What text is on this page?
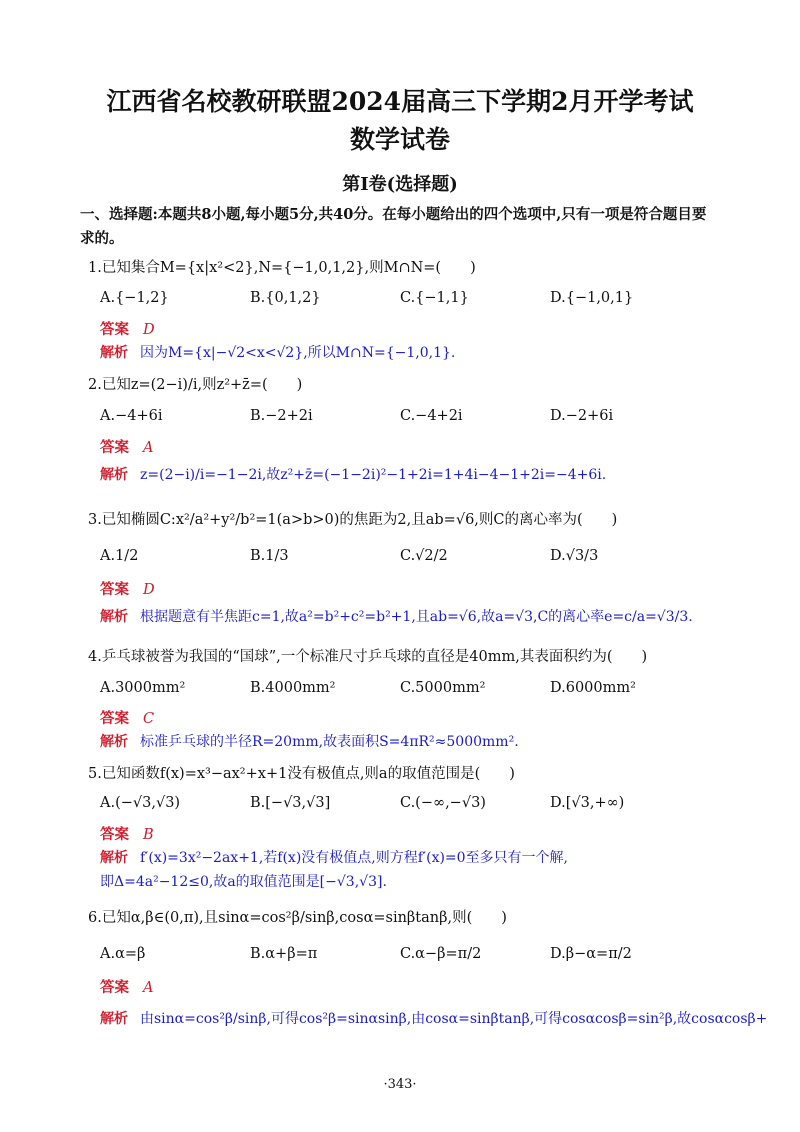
江西省名校教研联盟2024届高三下学期2月开学考试
数学试卷
第Ⅰ卷(选择题)
一、选择题:本题共8小题,每小题5分,共40分。在每小题给出的四个选项中,只有一项是符合题目要求的。
1.已知集合M={x|x²<2},N={−1,0,1,2},则M∩N=(　　)
A.{−1,2}	B.{0,1,2}	C.{−1,1}	D.{−1,0,1}
答案 D
解析 因为M={x|−√2<x<√2},所以M∩N={−1,0,1}.
2.已知z=(2−i)/i,则z²+z̄=(　　)
A.−4+6i	B.−2+2i	C.−4+2i	D.−2+6i
答案 A
解析 z=(2−i)/i=−1−2i,故z²+z̄=(−1−2i)²−1+2i=1+4i−4−1+2i=−4+6i.
3.已知椭圆C:x²/a²+y²/b²=1(a>b>0)的焦距为2,且ab=√6,则C的离心率为(　　)
A.1/2	B.1/3	C.√2/2	D.√3/3
答案 D
解析 根据题意有半焦距c=1,故a²=b²+c²=b²+1,且ab=√6,故a=√3,C的离心率e=c/a=√3/3.
4.乒乓球被誉为我国的“国球”,一个标准尺寸乒乓球的直径是40mm,其表面积约为(　　)
A.3000mm²	B.4000mm²	C.5000mm²	D.6000mm²
答案 C
解析 标准乒乓球的半径R=20mm,故表面积S=4πR²≈5000mm².
5.已知函数f(x)=x³−ax²+x+1没有极值点,则a的取值范围是(　　)
A.(−√3,√3)	B.[−√3,√3]	C.(−∞,−√3)	D.[√3,+∞)
答案 B
解析 f′(x)=3x²−2ax+1,若f(x)没有极值点,则方程f′(x)=0至多只有一个解,
即Δ=4a²−12≤0,故a的取值范围是[−√3,√3].
6.已知α,β∈(0,π),且sinα=cos²β/sinβ,cosα=sinβtanβ,则(　　)
A.α=β	B.α+β=π	C.α−β=π/2	D.β−α=π/2
答案 A
解析 由sinα=cos²β/sinβ,可得cos²β=sinαsinβ,由cosα=sinβtanβ,可得cosαcosβ=sin²β,故cosαcosβ+
·343·
